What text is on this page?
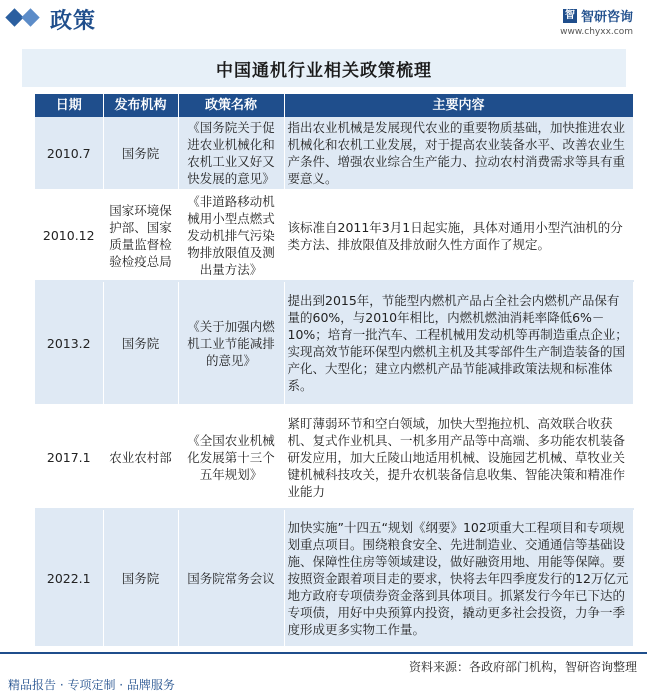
政策	智 智研咨询
www.chyxx.com
中国通机行业相关政策梳理
日期	发布机构	政策名称	主要内容
2010.7	国务院	《国务院关于促进农业机械化和农机工业又好又快发展的意见》	指出农业机械是发展现代农业的重要物质基础，加快推进农业机械化和农机工业发展，对于提高农业装备水平、改善农业生产条件、增强农业综合生产能力、拉动农村消费需求等具有重要意义。
2010.12	国家环境保护部、国家质量监督检验检疫总局	《非道路移动机械用小型点燃式发动机排气污染物排放限值及测出量方法》	该标准自2011年3月1日起实施，具体对通用小型汽油机的分类方法、排放限值及排放耐久性方面作了规定。
2013.2	国务院	《关于加强内燃机工业节能减排的意见》	提出到2015年，节能型内燃机产品占全社会内燃机产品保有量的60%，与2010年相比，内燃机燃油消耗率降低6%－10%；培育一批汽车、工程机械用发动机等再制造重点企业；实现高效节能环保型内燃机主机及其零部件生产制造装备的国产化、大型化；建立内燃机产品节能减排政策法规和标准体系。
2017.1	农业农村部	《全国农业机械化发展第十三个五年规划》	紧盯薄弱环节和空白领域，加快大型拖拉机、高效联合收获机、复式作业机具、一机多用产品等中高端、多功能农机装备研发应用，加大丘陵山地适用机械、设施园艺机械、草牧业关键机械科技攻关，提升农机装备信息收集、智能决策和精准作业能力
2022.1	国务院	国务院常务会议	加快实施”十四五“规划《纲要》102项重大工程项目和专项规划重点项目。围绕粮食安全、先进制造业、交通通信等基础设施、保障性住房等领域建设，做好融资用地、用能等保障。要按照资金跟着项目走的要求，快将去年四季度发行的12万亿元地方政府专项债券资金落到具体项目。抓紧发行今年已下达的专项债，用好中央预算内投资，撬动更多社会投资，力争一季度形成更多实物工作量。
资料来源：各政府部门机构，智研咨询整理
精品报告 · 专项定制 · 品牌服务
